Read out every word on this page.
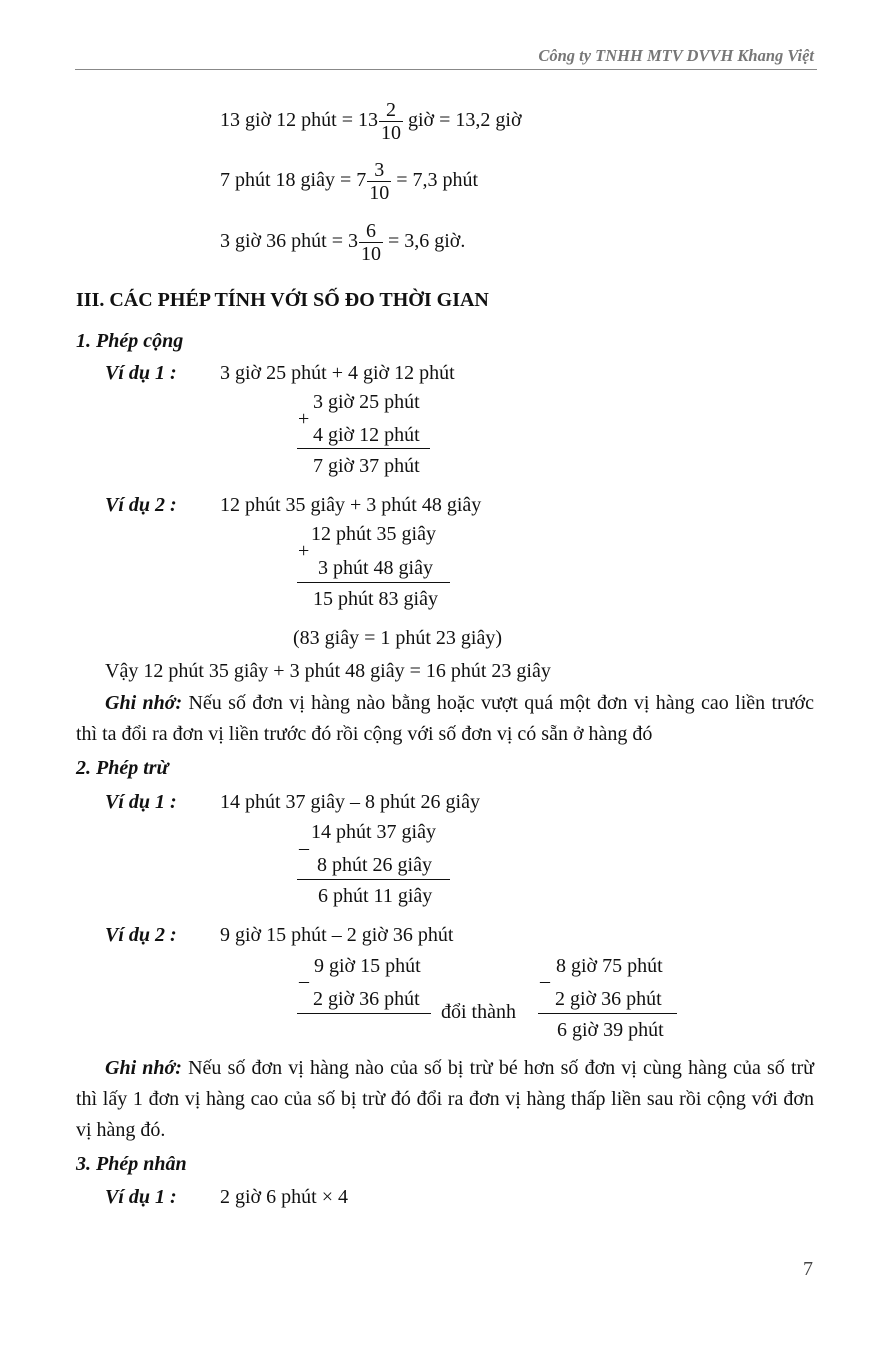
Công ty TNHH MTV DVVH Khang Việt
13 giờ 12 phút = $13 \frac{2}{10}$ giờ = 13,2 giờ
7 phút 18 giây = $7 \frac{3}{10} = 7,3$ phút
3 giờ 36 phút = $3 \frac{6}{10} = 3,6$ giờ.
III. CÁC PHÉP TÍNH VỚI SỐ ĐO THỜI GIAN
1. Phép cộng
Ví dụ 1 : 3 giờ 25 phút + 4 giờ 12 phút
+
3 giờ 25 phút
4 giờ 12 phút
7 giờ 37 phút
Ví dụ 2 : 12 phút 35 giây + 3 phút 48 giây
+
12 phút 35 giây
3 phút 48 giây
15 phút 83 giây
(83 giây = 1 phút 23 giây)
Vậy 12 phút 35 giây + 3 phút 48 giây = 16 phút 23 giây

Ghi nhớ: Nếu số đơn vị hàng nào bằng hoặc vượt quá một đơn vị hàng cao liền trước thì ta đổi ra đơn vị liền trước đó rồi cộng với số đơn vị có sẵn ở hàng đó

2. Phép trừ
Ví dụ 1 : 14 phút 37 giây – 8 phút 26 giây
–
14 phút 37 giây
8 phút 26 giây
6 phút 11 giây
Ví dụ 2 : 9 giờ 15 phút – 2 giờ 36 phút
–
9 giờ 15 phút
2 giờ 36 phút
đổi thành
–
8 giờ 75 phút
2 giờ 36 phút
6 giờ 39 phút

Ghi nhớ: Nếu số đơn vị hàng nào của số bị trừ bé hơn số đơn vị cùng hàng của số trừ thì lấy 1 đơn vị hàng cao của số bị trừ đó đổi ra đơn vị hàng thấp liền sau rồi cộng với đơn vị hàng đó.

3. Phép nhân
Ví dụ 1 : 2 giờ 6 phút × 4
7
